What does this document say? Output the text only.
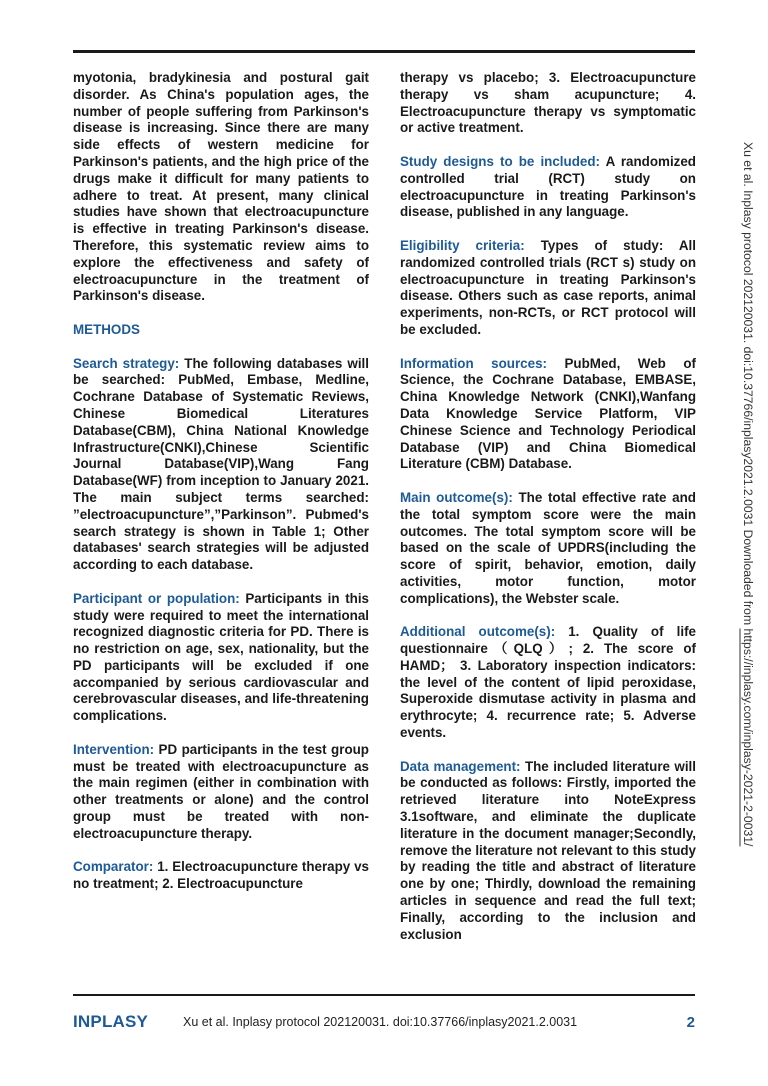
myotonia, bradykinesia and postural gait disorder. As China's population ages, the number of people suffering from Parkinson's disease is increasing. Since there are many side effects of western medicine for Parkinson's patients, and the high price of the drugs make it difficult for many patients to adhere to treat. At present, many clinical studies have shown that electroacupuncture is effective in treating Parkinson's disease. Therefore, this systematic review aims to explore the effectiveness and safety of electroacupuncture in the treatment of Parkinson's disease.

METHODS

Search strategy: The following databases will be searched: PubMed, Embase, Medline, Cochrane Database of Systematic Reviews, Chinese Biomedical Literatures Database(CBM), China National Knowledge Infrastructure(CNKI),Chinese Scientific Journal Database(VIP),Wang Fang Database(WF) from inception to January 2021. The main subject terms searched: ”electroacupuncture”,”Parkinson”. Pubmed's search strategy is shown in Table 1; Other databases' search strategies will be adjusted according to each database.

Participant or population: Participants in this study were required to meet the international recognized diagnostic criteria for PD. There is no restriction on age, sex, nationality, but the PD participants will be excluded if one accompanied by serious cardiovascular and cerebrovascular diseases, and life-threatening complications.

Intervention: PD participants in the test group must be treated with electroacupuncture as the main regimen (either in combination with other treatments or alone) and the control group must be treated with non-electroacupuncture therapy.

Comparator: 1. Electroacupuncture therapy vs no treatment; 2. Electroacupuncture

therapy vs placebo; 3. Electroacupuncture therapy vs sham acupuncture; 4. Electroacupuncture therapy vs symptomatic or active treatment.

Study designs to be included: A randomized controlled trial (RCT) study on electroacupuncture in treating Parkinson's disease, published in any language.

Eligibility criteria: Types of study: All randomized controlled trials (RCT s) study on electroacupuncture in treating Parkinson's disease. Others such as case reports, animal experiments, non-RCTs, or RCT protocol will be excluded.

Information sources: PubMed, Web of Science, the Cochrane Database, EMBASE, China Knowledge Network (CNKI),Wanfang Data Knowledge Service Platform, VIP Chinese Science and Technology Periodical Database (VIP) and China Biomedical Literature (CBM) Database.

Main outcome(s): The total effective rate and the total symptom score were the main outcomes. The total symptom score will be based on the scale of UPDRS(including the score of spirit, behavior, emotion, daily activities, motor function, motor complications), the Webster scale.

Additional outcome(s): 1. Quality of life questionnaire（QLQ）; 2. The score of HAMD； 3. Laboratory inspection indicators: the level of the content of lipid peroxidase, Superoxide dismutase activity in plasma and erythrocyte; 4. recurrence rate; 5. Adverse events.

Data management: The included literature will be conducted as follows: Firstly, imported the retrieved literature into NoteExpress 3.1software, and eliminate the duplicate literature in the document manager;Secondly, remove the literature not relevant to this study by reading the title and abstract of literature one by one; Thirdly, download the remaining articles in sequence and read the full text; Finally, according to the inclusion and exclusion

Xu et al. Inplasy protocol 202120031. doi:10.37766/inplasy2021.2.0031 Downloaded from https://inplasy.com/inplasy-2021-2-0031/
INPLASY	Xu et al. Inplasy protocol 202120031. doi:10.37766/inplasy2021.2.0031	2
